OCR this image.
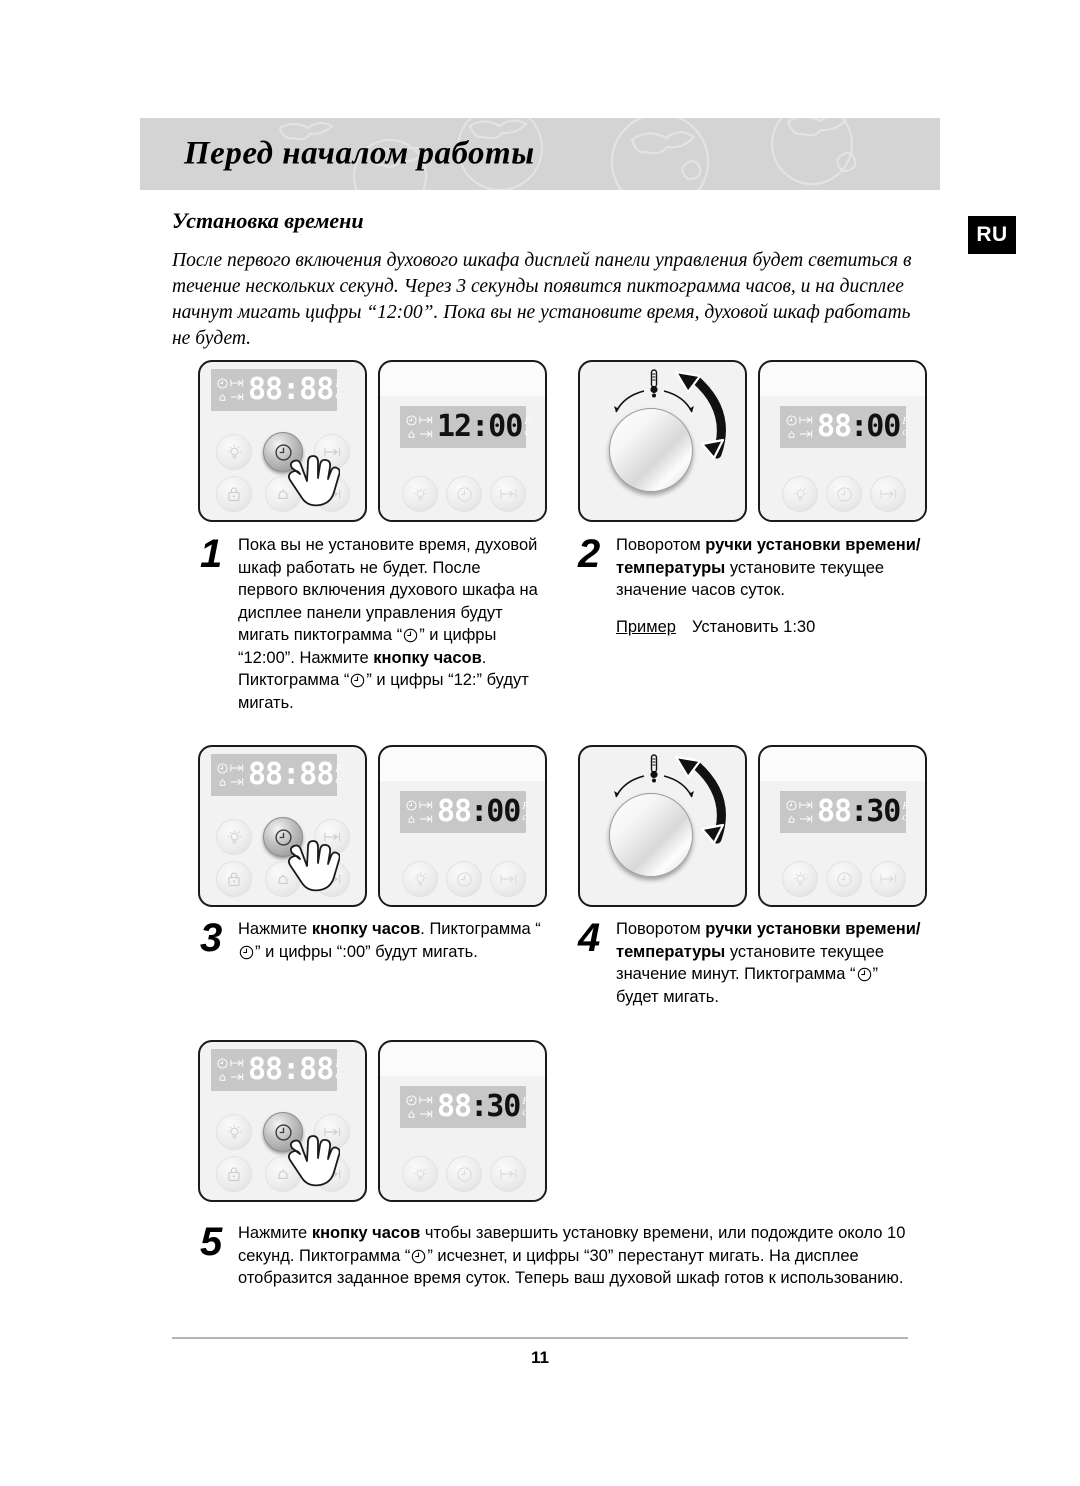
Перед началом работы
RU
Установка времени
После первого включения духового шкафа дисплей панели управления будет светиться в течение нескольких секунд. Через 3 секунды появится пиктограмма часов, и на дисплее начнут мигать цифры “12:00”. Пока вы не установите время, духовой шкаф работать не будет.
88:88 F
c
12:00 F
c	88 : 00 F
c
1 Пока вы не установите время, духовой шкаф работать не будет. После первого включения духового шкафа на дисплее панели управления будут мигать пиктограмма “ ” и цифры “12:00”. Нажмите кнопку часов. Пиктограмма “ ” и цифры “12:” будут мигать.
2 Поворотом ручки установки времени/ температуры установите текущее значение часов суток.
Пример Установить 1:30
88:88 F
c
88 : 00 F
c	88 : 30 F
c
3 Нажмите кнопку часов. Пиктограмма “” и цифры “:00” будут мигать.	4 Поворотом ручки установки времени/ температуры установите текущее значение минут. Пиктограмма “ ” будет мигать.
88:88 F
c
88 : 30 F
c
5 Нажмите кнопку часов чтобы завершить установку времени, или подождите около 10 секунд. Пиктограмма “ ” исчезнет, и цифры “30” перестанут мигать. На дисплее отобразится заданное время суток. Теперь ваш духовой шкаф готов к использованию.
11
